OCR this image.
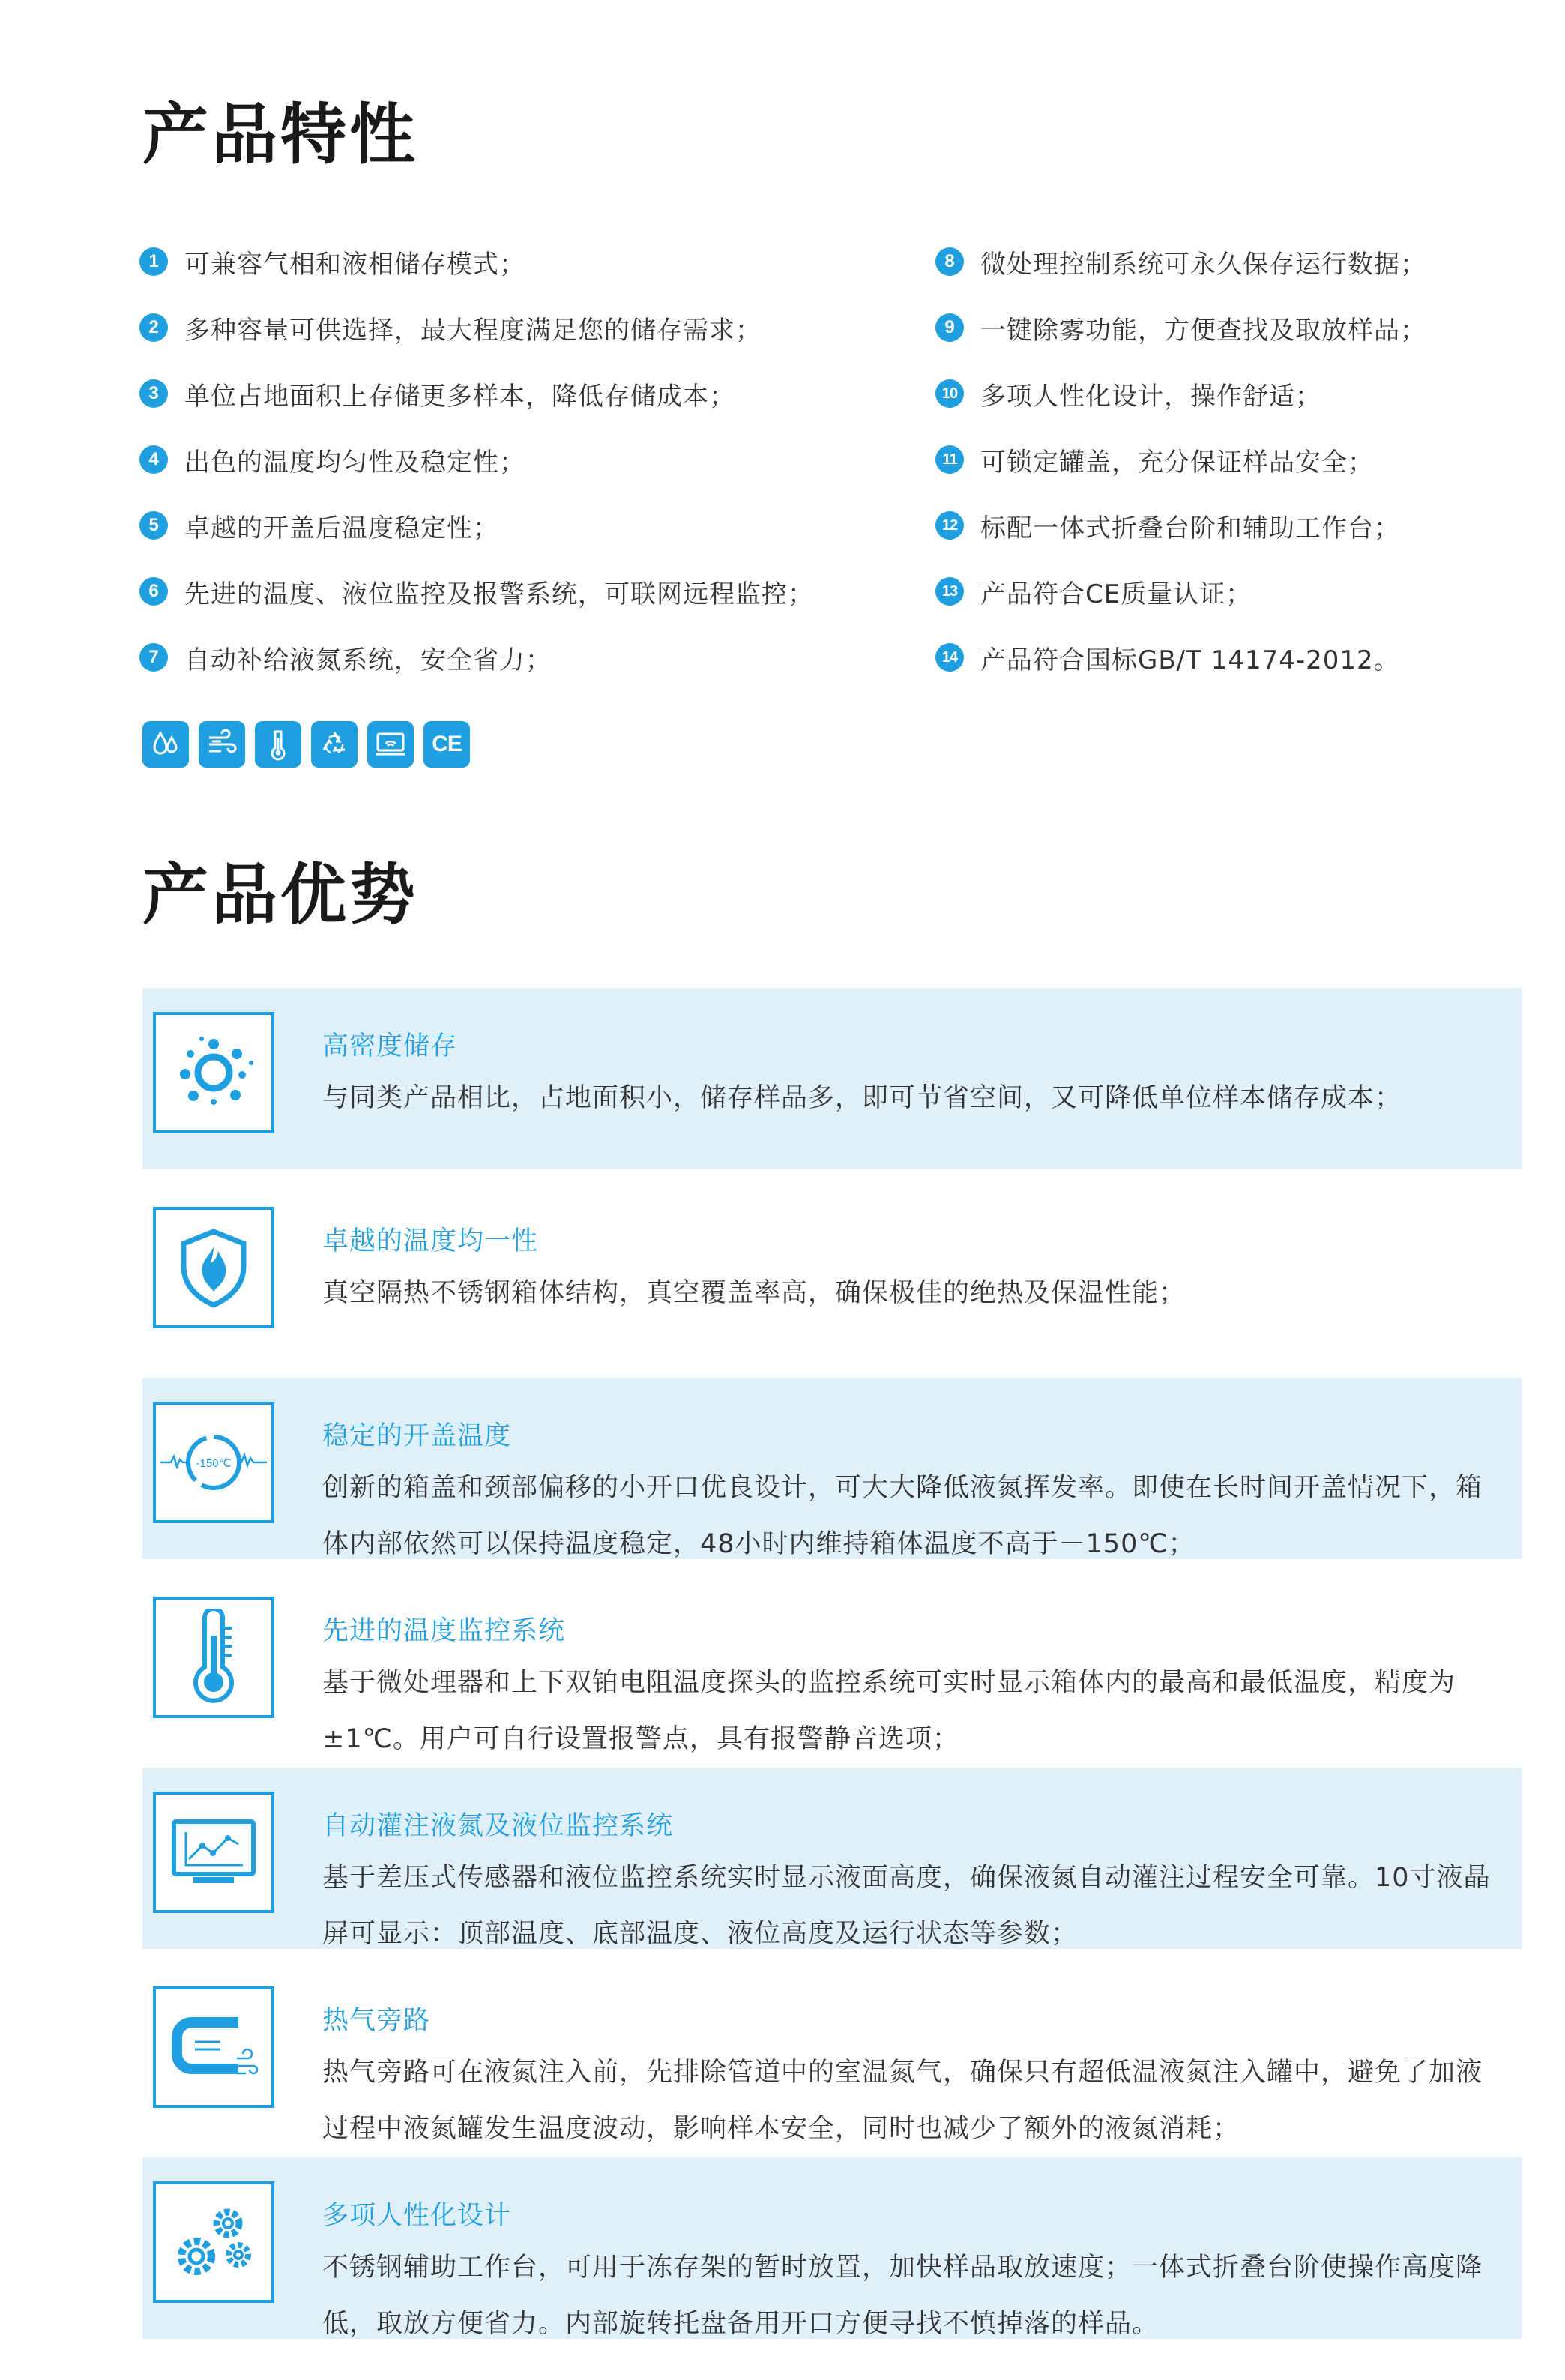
产品特性
1	可兼容气相和液相储存模式；
2	多种容量可供选择，最大程度满足您的储存需求；
3	单位占地面积上存储更多样本，降低存储成本；
4	出色的温度均匀性及稳定性；
5	卓越的开盖后温度稳定性；
6	先进的温度、液位监控及报警系统，可联网远程监控；
7	自动补给液氮系统，安全省力；
8	微处理控制系统可永久保存运行数据；
9	一键除雾功能，方便查找及取放样品；
10 多项人性化设计，操作舒适；
11 可锁定罐盖，充分保证样品安全；
12 标配一体式折叠台阶和辅助工作台；
13 产品符合CE质量认证；
14 产品符合国标GB/T 14174-2012。
CE
产品优势
高密度储存
与同类产品相比，占地面积小，储存样品多，即可节省空间，又可降低单位样本储存成本；
卓越的温度均一性
真空隔热不锈钢箱体结构，真空覆盖率高，确保极佳的绝热及保温性能；
-150℃
稳定的开盖温度
创新的箱盖和颈部偏移的小开口优良设计，可大大降低液氮挥发率。即使在长时间开盖情况下，箱体内部依然可以保持温度稳定，48小时内维持箱体温度不高于－150℃；
先进的温度监控系统
基于微处理器和上下双铂电阻温度探头的监控系统可实时显示箱体内的最高和最低温度，精度为±1℃。用户可自行设置报警点，具有报警静音选项；
自动灌注液氮及液位监控系统
基于差压式传感器和液位监控系统实时显示液面高度，确保液氮自动灌注过程安全可靠。10寸液晶屏可显示：顶部温度、底部温度、液位高度及运行状态等参数；
热气旁路
热气旁路可在液氮注入前，先排除管道中的室温氮气，确保只有超低温液氮注入罐中，避免了加液过程中液氮罐发生温度波动，影响样本安全，同时也减少了额外的液氮消耗；
多项人性化设计
不锈钢辅助工作台，可用于冻存架的暂时放置，加快样品取放速度；一体式折叠台阶使操作高度降低，取放方便省力。内部旋转托盘备用开口方便寻找不慎掉落的样品。
